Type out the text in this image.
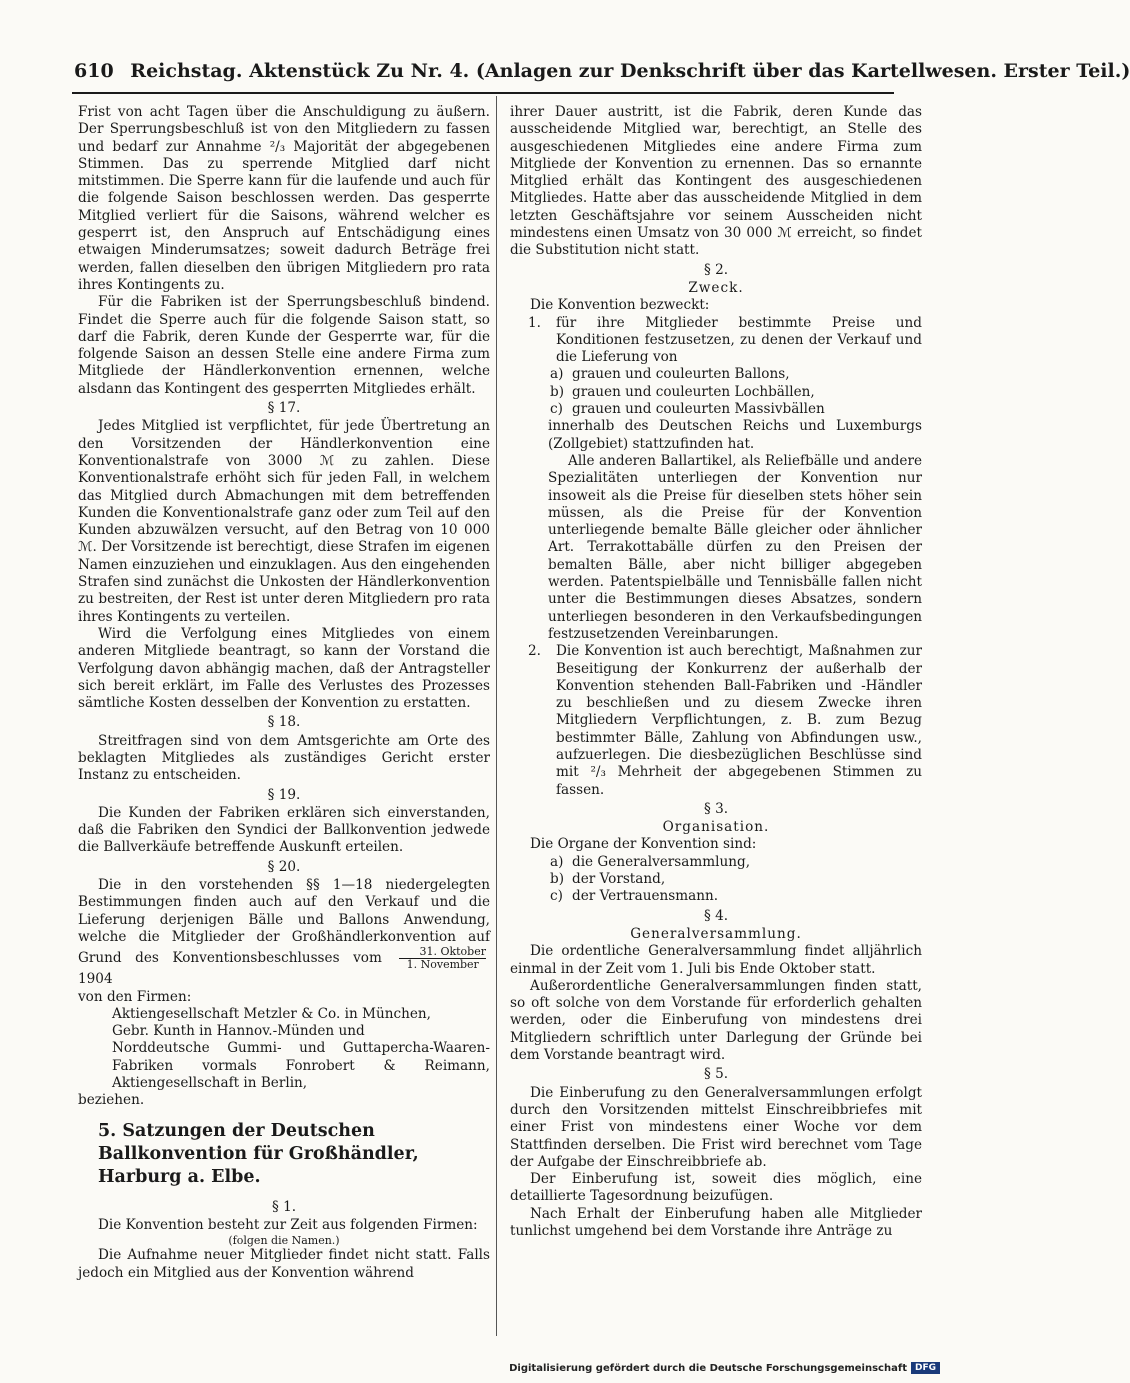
610 Reichstag. Aktenstück Zu Nr. 4. (Anlagen zur Denkschrift über das Kartellwesen. Erster Teil.)

Frist von acht Tagen über die Anschuldigung zu äußern. Der Sperrungsbeschluß ist von den Mitgliedern zu fassen und bedarf zur Annahme ²/₃ Majorität der abgegebenen Stimmen. Das zu sperrende Mitglied darf nicht mitstimmen. Die Sperre kann für die laufende und auch für die folgende Saison beschlossen werden. Das gesperrte Mitglied verliert für die Saisons, während welcher es gesperrt ist, den Anspruch auf Entschädigung eines etwaigen Minderumsatzes; soweit dadurch Beträge frei werden, fallen dieselben den übrigen Mitgliedern pro rata ihres Kontingents zu.

Für die Fabriken ist der Sperrungsbeschluß bindend. Findet die Sperre auch für die folgende Saison statt, so darf die Fabrik, deren Kunde der Gesperrte war, für die folgende Saison an dessen Stelle eine andere Firma zum Mitgliede der Händlerkonvention ernennen, welche alsdann das Kontingent des gesperrten Mitgliedes erhält.

§ 17.

Jedes Mitglied ist verpflichtet, für jede Übertretung an den Vorsitzenden der Händlerkonvention eine Konventionalstrafe von 3000 ℳ zu zahlen. Diese Konventionalstrafe erhöht sich für jeden Fall, in welchem das Mitglied durch Abmachungen mit dem betreffenden Kunden die Konventionalstrafe ganz oder zum Teil auf den Kunden abzuwälzen versucht, auf den Betrag von 10 000 ℳ. Der Vorsitzende ist berechtigt, diese Strafen im eigenen Namen einzuziehen und einzuklagen. Aus den eingehenden Strafen sind zunächst die Unkosten der Händlerkonvention zu bestreiten, der Rest ist unter deren Mitgliedern pro rata ihres Kontingents zu verteilen.

Wird die Verfolgung eines Mitgliedes von einem anderen Mitgliede beantragt, so kann der Vorstand die Verfolgung davon abhängig machen, daß der Antragsteller sich bereit erklärt, im Falle des Verlustes des Prozesses sämtliche Kosten desselben der Konvention zu erstatten.

§ 18.

Streitfragen sind von dem Amtsgerichte am Orte des beklagten Mitgliedes als zuständiges Gericht erster Instanz zu entscheiden.

§ 19.

Die Kunden der Fabriken erklären sich einverstanden, daß die Fabriken den Syndici der Ballkonvention jedwede die Ballverkäufe betreffende Auskunft erteilen.

§ 20.

Die in den vorstehenden §§ 1—18 niedergelegten Bestimmungen finden auch auf den Verkauf und die Lieferung derjenigen Bälle und Ballons Anwendung, welche die Mitglieder der Großhändlerkonvention auf Grund des Konventionsbeschlusses vom $\frac{\text{31. Oktober}}{\text{1. November}} 1904$

von den Firmen:

Aktiengesellschaft Metzler & Co. in München,

Gebr. Kunth in Hannov.-Münden und

Norddeutsche Gummi- und Guttapercha-Waaren-Fabriken vormals Fonrobert & Reimann, Aktiengesellschaft in Berlin,

beziehen.

5. Satzungen der Deutschen Ballkonvention für Großhändler, Harburg a. Elbe.

§ 1.

Die Konvention besteht zur Zeit aus folgenden Firmen:

(folgen die Namen.)

Die Aufnahme neuer Mitglieder findet nicht statt. Falls jedoch ein Mitglied aus der Konvention während

ihrer Dauer austritt, ist die Fabrik, deren Kunde das ausscheidende Mitglied war, berechtigt, an Stelle des ausgeschiedenen Mitgliedes eine andere Firma zum Mitgliede der Konvention zu ernennen. Das so ernannte Mitglied erhält das Kontingent des ausgeschiedenen Mitgliedes. Hatte aber das ausscheidende Mitglied in dem letzten Geschäftsjahre vor seinem Ausscheiden nicht mindestens einen Umsatz von 30 000 ℳ erreicht, so findet die Substitution nicht statt.

§ 2.

Zweck.

Die Konvention bezweckt:

1.	für ihre Mitglieder bestimmte Preise und Konditionen festzusetzen, zu denen der Verkauf und die Lieferung von

a) grauen und couleurten Ballons,

b) grauen und couleurten Lochbällen,

c) grauen und couleurten Massivbällen

innerhalb des Deutschen Reichs und Luxemburgs (Zollgebiet) stattzufinden hat.

Alle anderen Ballartikel, als Reliefbälle und andere Spezialitäten unterliegen der Konvention nur insoweit als die Preise für dieselben stets höher sein müssen, als die Preise für der Konvention unterliegende bemalte Bälle gleicher oder ähnlicher Art. Terrakottabälle dürfen zu den Preisen der bemalten Bälle, aber nicht billiger abgegeben werden. Patentspielbälle und Tennisbälle fallen nicht unter die Bestimmungen dieses Absatzes, sondern unterliegen besonderen in den Verkaufsbedingungen festzusetzenden Vereinbarungen.

2.	Die Konvention ist auch berechtigt, Maßnahmen zur Beseitigung der Konkurrenz der außerhalb der Konvention stehenden Ball-Fabriken und -Händler zu beschließen und zu diesem Zwecke ihren Mitgliedern Verpflichtungen, z. B. zum Bezug bestimmter Bälle, Zahlung von Abfindungen usw., aufzuerlegen. Die diesbezüglichen Beschlüsse sind mit ²/₃ Mehrheit der abgegebenen Stimmen zu fassen.

§ 3.

Organisation.

Die Organe der Konvention sind:

a) die Generalversammlung,

b) der Vorstand,

c) der Vertrauensmann.

§ 4.

Generalversammlung.

Die ordentliche Generalversammlung findet alljährlich einmal in der Zeit vom 1. Juli bis Ende Oktober statt.

Außerordentliche Generalversammlungen finden statt, so oft solche von dem Vorstande für erforderlich gehalten werden, oder die Einberufung von mindestens drei Mitgliedern schriftlich unter Darlegung der Gründe bei dem Vorstande beantragt wird.

§ 5.

Die Einberufung zu den Generalversammlungen erfolgt durch den Vorsitzenden mittelst Einschreibbriefes mit einer Frist von mindestens einer Woche vor dem Stattfinden derselben. Die Frist wird berechnet vom Tage der Aufgabe der Einschreibbriefe ab.

Der Einberufung ist, soweit dies möglich, eine detaillierte Tagesordnung beizufügen.

Nach Erhalt der Einberufung haben alle Mitglieder tunlichst umgehend bei dem Vorstande ihre Anträge zu

Digitalisierung gefördert durch die Deutsche Forschungsgemeinschaft DFG
